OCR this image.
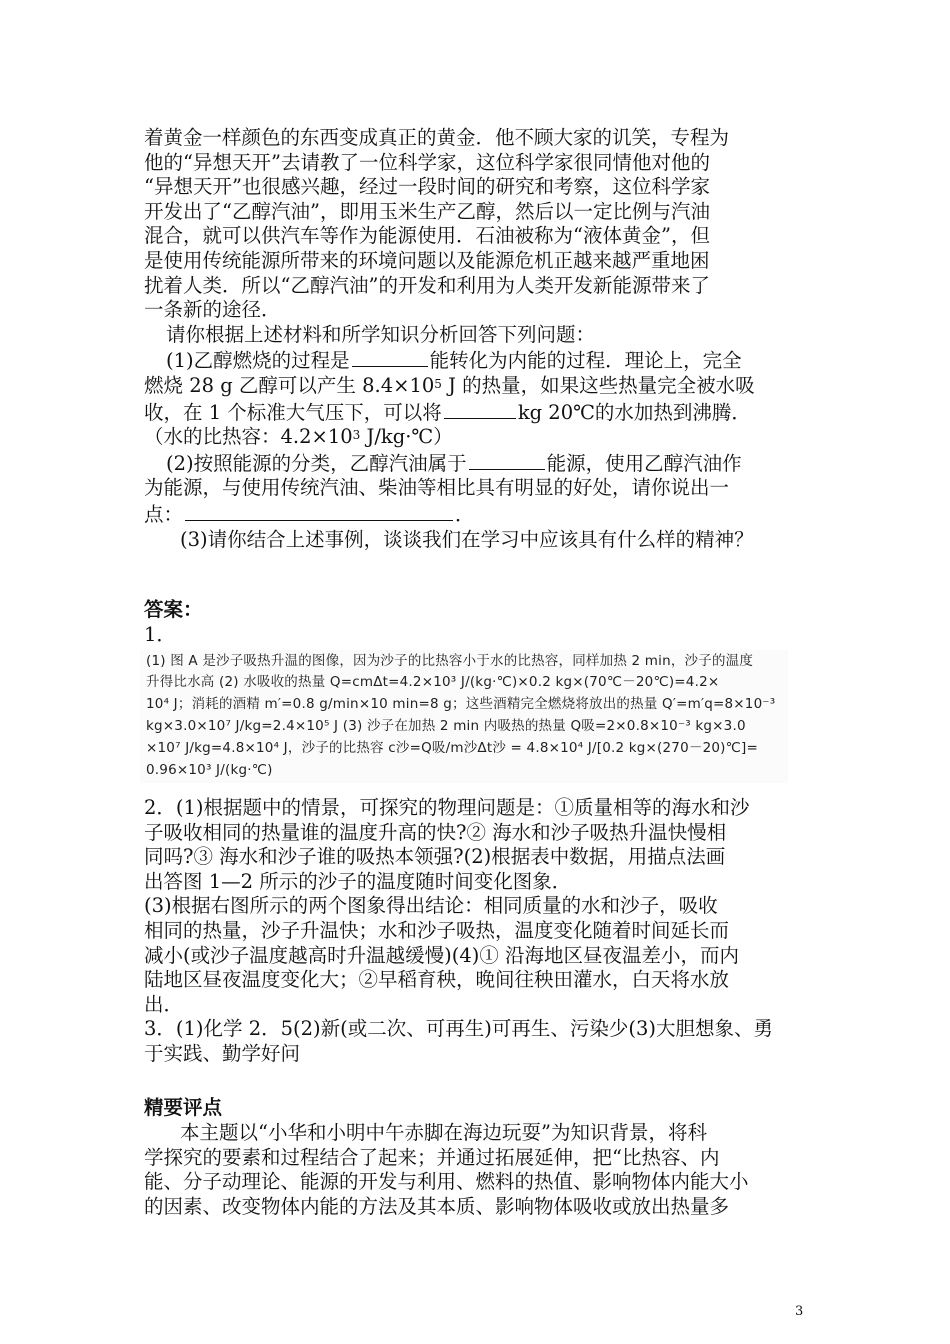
着黄金一样颜色的东西变成真正的黄金．他不顾大家的讥笑，专程为
他的“异想天开”去请教了一位科学家，这位科学家很同情他对他的
“异想天开”也很感兴趣，经过一段时间的研究和考察，这位科学家
开发出了“乙醇汽油”，即用玉米生产乙醇，然后以一定比例与汽油
混合，就可以供汽车等作为能源使用．石油被称为“液体黄金”，但
是使用传统能源所带来的环境问题以及能源危机正越来越严重地困
扰着人类．所以“乙醇汽油”的开发和利用为人类开发新能源带来了
一条新的途径．
请你根据上述材料和所学知识分析回答下列问题：
(1)乙醇燃烧的过程是	能转化为内能的过程．理论上，完全
燃烧 28 g 乙醇可以产生 $8.4\times 10^5$ J 的热量，如果这些热量完全被水吸
收，在 1 个标准大气压下，可以将	kg 20℃的水加热到沸腾．
（水的比热容：$4.2\times 10^3$ J/kg·℃）
(2)按照能源的分类，乙醇汽油属于	能源，使用乙醇汽油作
为能源，与使用传统汽油、柴油等相比具有明显的好处，请你说出一
点：	．
(3)请你结合上述事例，谈谈我们在学习中应该具有什么样的精神？
答案：
1．
(1) 图 A 是沙子吸热升温的图像，因为沙子的比热容小于水的比热容，同样加热 2 min，沙子的温度
升得比水高 (2) 水吸收的热量 Q=cmΔt=4.2×10³ J/(kg·℃)×0.2 kg×(70℃－20℃)=4.2×
10⁴ J；消耗的酒精 m′=0.8 g/min×10 min=8 g；这些酒精完全燃烧将放出的热量 Q′=m′q=8×10⁻³
kg×3.0×10⁷ J/kg=2.4×10⁵ J (3) 沙子在加热 2 min 内吸热的热量 Q吸=2×0.8×10⁻³ kg×3.0
×10⁷ J/kg=4.8×10⁴ J，沙子的比热容 c沙=Q吸/m沙Δt沙 = 4.8×10⁴ J/[0.2 kg×(270－20)℃]=
0.96×10³ J/(kg·℃)
2．(1)根据题中的情景，可探究的物理问题是：①质量相等的海水和沙
子吸收相同的热量谁的温度升高的快?② 海水和沙子吸热升温快慢相
同吗?③ 海水和沙子谁的吸热本领强?(2)根据表中数据，用描点法画
出答图 1—2 所示的沙子的温度随时间变化图象．
(3)根据右图所示的两个图象得出结论：相同质量的水和沙子，吸收
相同的热量，沙子升温快；水和沙子吸热，温度变化随着时间延长而
减小(或沙子温度越高时升温越缓慢)(4)① 沿海地区昼夜温差小，而内
陆地区昼夜温度变化大；②早稻育秧，晚间往秧田灌水，白天将水放
出．
3．(1)化学 2．5(2)新(或二次、可再生)可再生、污染少(3)大胆想象、勇
于实践、勤学好问
精要评点
本主题以“小华和小明中午赤脚在海边玩耍”为知识背景，将科
学探究的要素和过程结合了起来；并通过拓展延伸，把“比热容、内
能、分子动理论、能源的开发与利用、燃料的热值、影响物体内能大小
的因素、改变物体内能的方法及其本质、影响物体吸收或放出热量多
3
